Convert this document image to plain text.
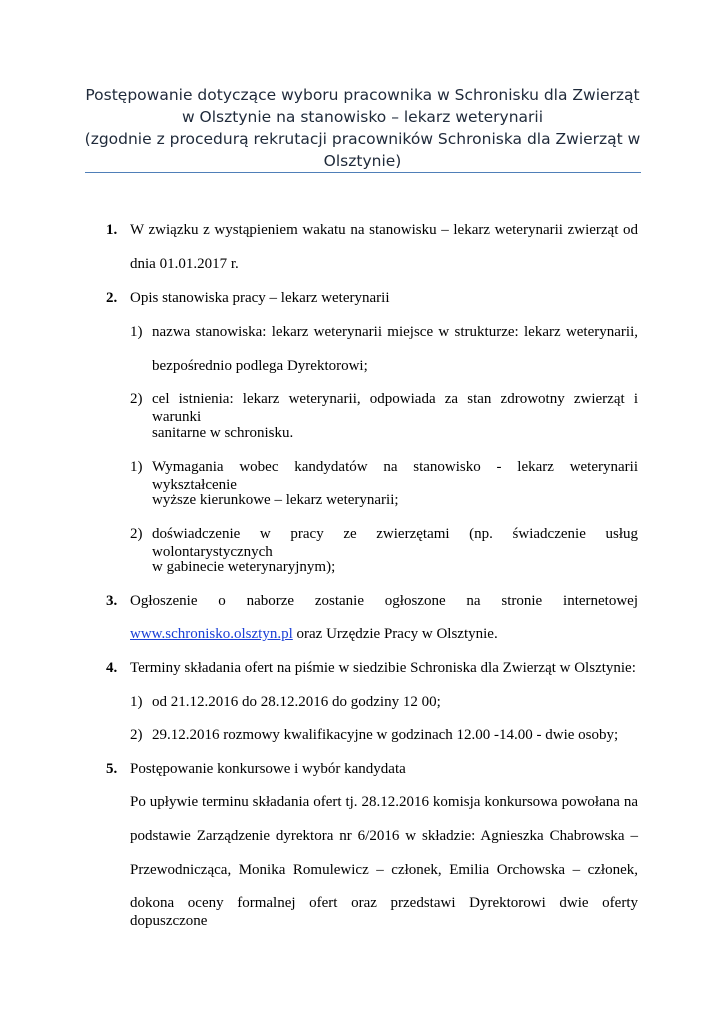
Postępowanie dotyczące wyboru pracownika w Schronisku dla Zwierząt
w Olsztynie na stanowisko – lekarz weterynarii
(zgodnie z procedurą rekrutacji pracowników Schroniska dla Zwierząt w
Olsztynie)
1. W związku z wystąpieniem wakatu na stanowisku – lekarz weterynarii zwierząt od
dnia 01.01.2017 r.
2. Opis stanowiska pracy – lekarz weterynarii
1) nazwa stanowiska: lekarz weterynarii miejsce w strukturze: lekarz weterynarii,
bezpośrednio podlega Dyrektorowi;
2) cel istnienia: lekarz weterynarii, odpowiada za stan zdrowotny zwierząt i warunki
sanitarne w schronisku.
1) Wymagania wobec kandydatów na stanowisko - lekarz weterynarii wykształcenie
wyższe kierunkowe – lekarz weterynarii;
2) doświadczenie w pracy ze zwierzętami (np. świadczenie usług wolontarystycznych
w gabinecie weterynaryjnym);
3. Ogłoszenie o naborze zostanie ogłoszone na stronie internetowej
www.schronisko.olsztyn.pl oraz Urzędzie Pracy w Olsztynie.
4. Terminy składania ofert na piśmie w siedzibie Schroniska dla Zwierząt w Olsztynie:
1) od 21.12.2016 do 28.12.2016 do godziny 12 00;
2) 29.12.2016 rozmowy kwalifikacyjne w godzinach 12.00 -14.00 - dwie osoby;
5. Postępowanie konkursowe i wybór kandydata
Po upływie terminu składania ofert tj. 28.12.2016 komisja konkursowa powołana na
podstawie Zarządzenie dyrektora nr 6/2016 w składzie: Agnieszka Chabrowska –
Przewodnicząca, Monika Romulewicz – członek, Emilia Orchowska – członek,
dokona oceny formalnej ofert oraz przedstawi Dyrektorowi dwie oferty dopuszczone
